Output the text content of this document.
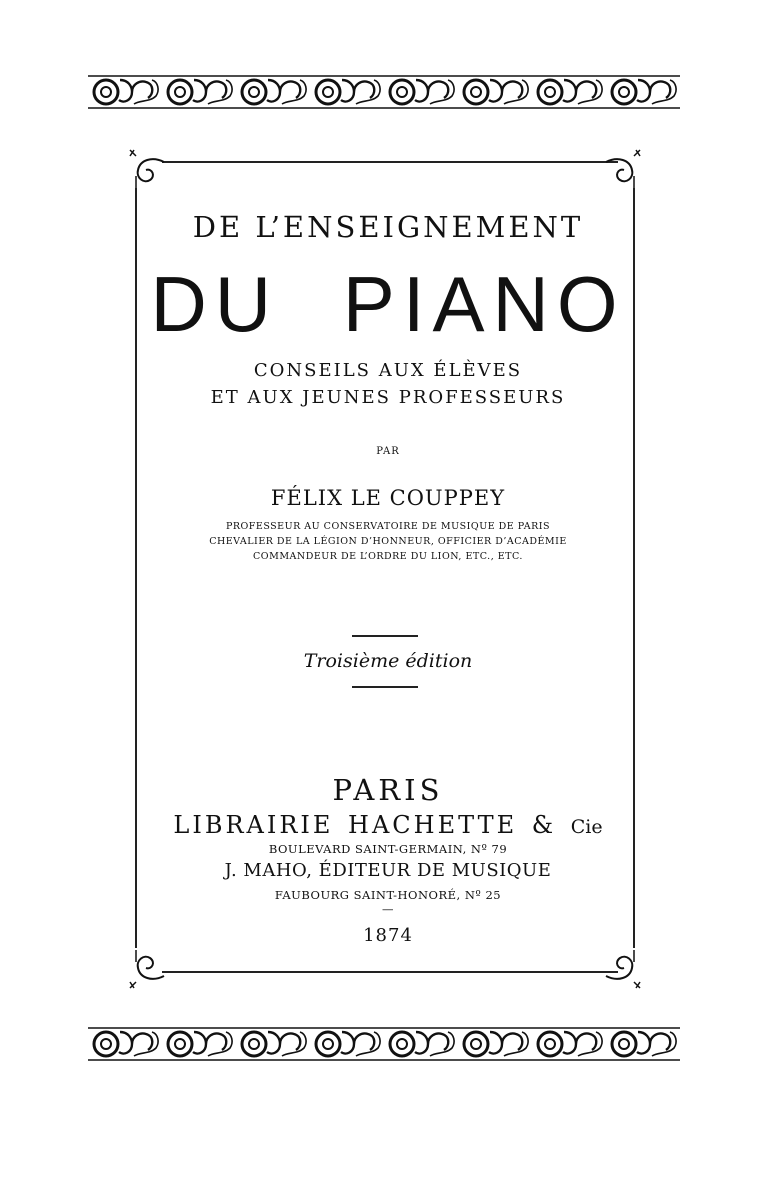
DE L’ENSEIGNEMENT
DU PIANO
CONSEILS AUX ÉLÈVES
ET AUX JEUNES PROFESSEURS
PAR
FÉLIX LE COUPPEY
PROFESSEUR AU CONSERVATOIRE DE MUSIQUE DE PARIS
CHEVALIER DE LA LÉGION D’HONNEUR, OFFICIER D’ACADÉMIE
COMMANDEUR DE L’ORDRE DU LION, ETC., ETC.
Troisième édition
PARIS
LIBRAIRIE HACHETTE & Cie
BOULEVARD SAINT-GERMAIN, Nº 79
J. MAHO, ÉDITEUR DE MUSIQUE
FAUBOURG SAINT-HONORÉ, Nº 25
—
1874
